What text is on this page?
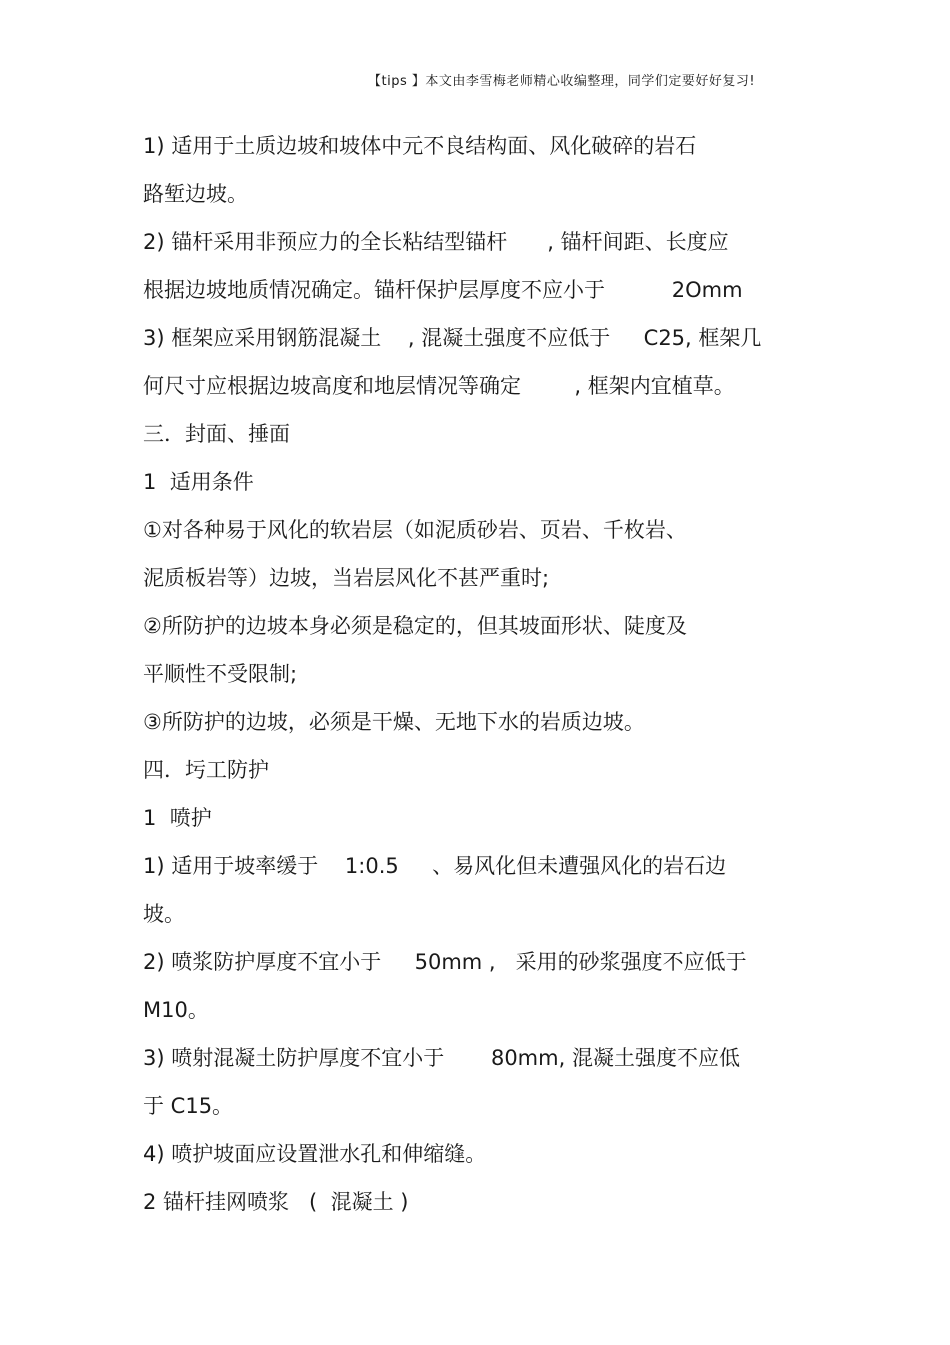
【tips 】本文由李雪梅老师精心收编整理，同学们定要好好复习!
1) 适用于土质边坡和坡体中元不良结构面、风化破碎的岩石
路堑边坡。
2) 锚杆采用非预应力的全长粘结型锚杆      , 锚杆间距、长度应
根据边坡地质情况确定。锚杆保护层厚度不应小于          2Omm
3) 框架应采用钢筋混凝土    , 混凝土强度不应低于     C25, 框架几
何尺寸应根据边坡高度和地层情况等确定        , 框架内宜植草。
三．封面、捶面
1  适用条件
①对各种易于风化的软岩层（如泥质砂岩、页岩、千枚岩、
泥质板岩等）边坡，当岩层风化不甚严重时;
②所防护的边坡本身必须是稳定的，但其坡面形状、陡度及
平顺性不受限制;
③所防护的边坡，必须是干燥、无地下水的岩质边坡。
四．圬工防护
1  喷护
1) 适用于坡率缓于    1:0.5     、易风化但未遭强风化的岩石边
坡。
2) 喷浆防护厚度不宜小于     50mm ,   采用的砂浆强度不应低于
M10。
3) 喷射混凝土防护厚度不宜小于       80mm, 混凝土强度不应低
于 C15。
4) 喷护坡面应设置泄水孔和伸缩缝。
2 锚杆挂网喷浆   (  混凝土 )
